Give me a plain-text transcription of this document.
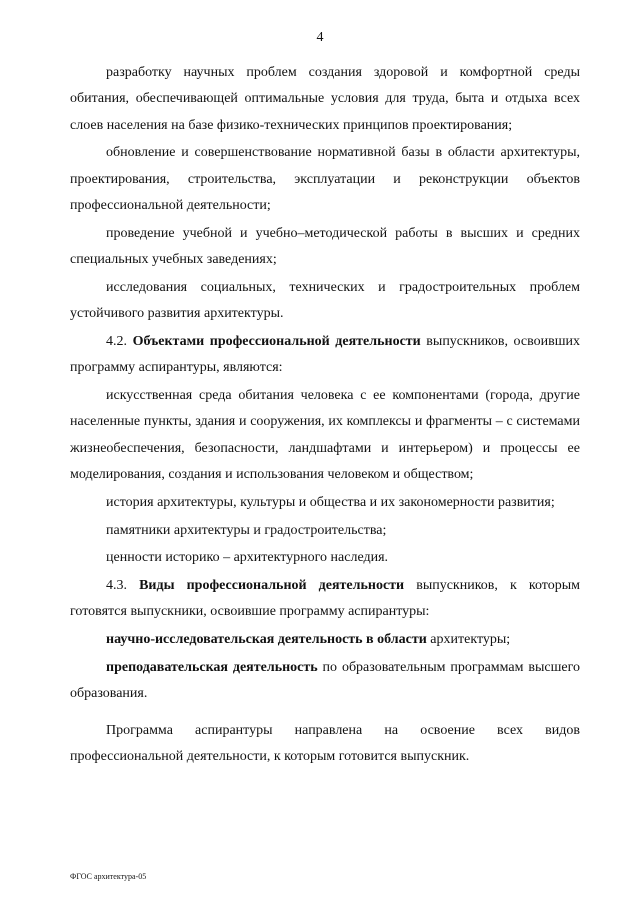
4

разработку научных проблем создания здоровой и комфортной среды обитания, обеспечивающей оптимальные условия для труда, быта и отдыха всех слоев населения на базе физико-технических принципов проектирования;

обновление и совершенствование нормативной базы в области архитектуры, проектирования, строительства, эксплуатации и реконструкции объектов профессиональной деятельности;

проведение учебной и учебно–методической работы в высших и средних специальных учебных заведениях;

исследования социальных, технических и градостроительных проблем устойчивого развития архитектуры.

4.2. Объектами профессиональной деятельности выпускников, освоивших программу аспирантуры, являются:

искусственная среда обитания человека с ее компонентами (города, другие населенные пункты, здания и сооружения, их комплексы и фрагменты – с системами жизнеобеспечения, безопасности, ландшафтами и интерьером) и процессы ее моделирования, создания и использования человеком и обществом;

история архитектуры, культуры и общества и их закономерности развития;

памятники архитектуры и градостроительства;

ценности историко – архитектурного наследия.

4.3. Виды профессиональной деятельности выпускников, к которым готовятся выпускники, освоившие программу аспирантуры:

научно-исследовательская деятельность в области архитектуры;

преподавательская деятельность по образовательным программам высшего образования.

Программа аспирантуры направлена на освоение всех видов профессиональной деятельности, к которым готовится выпускник.

ФГОС архитектура-05
